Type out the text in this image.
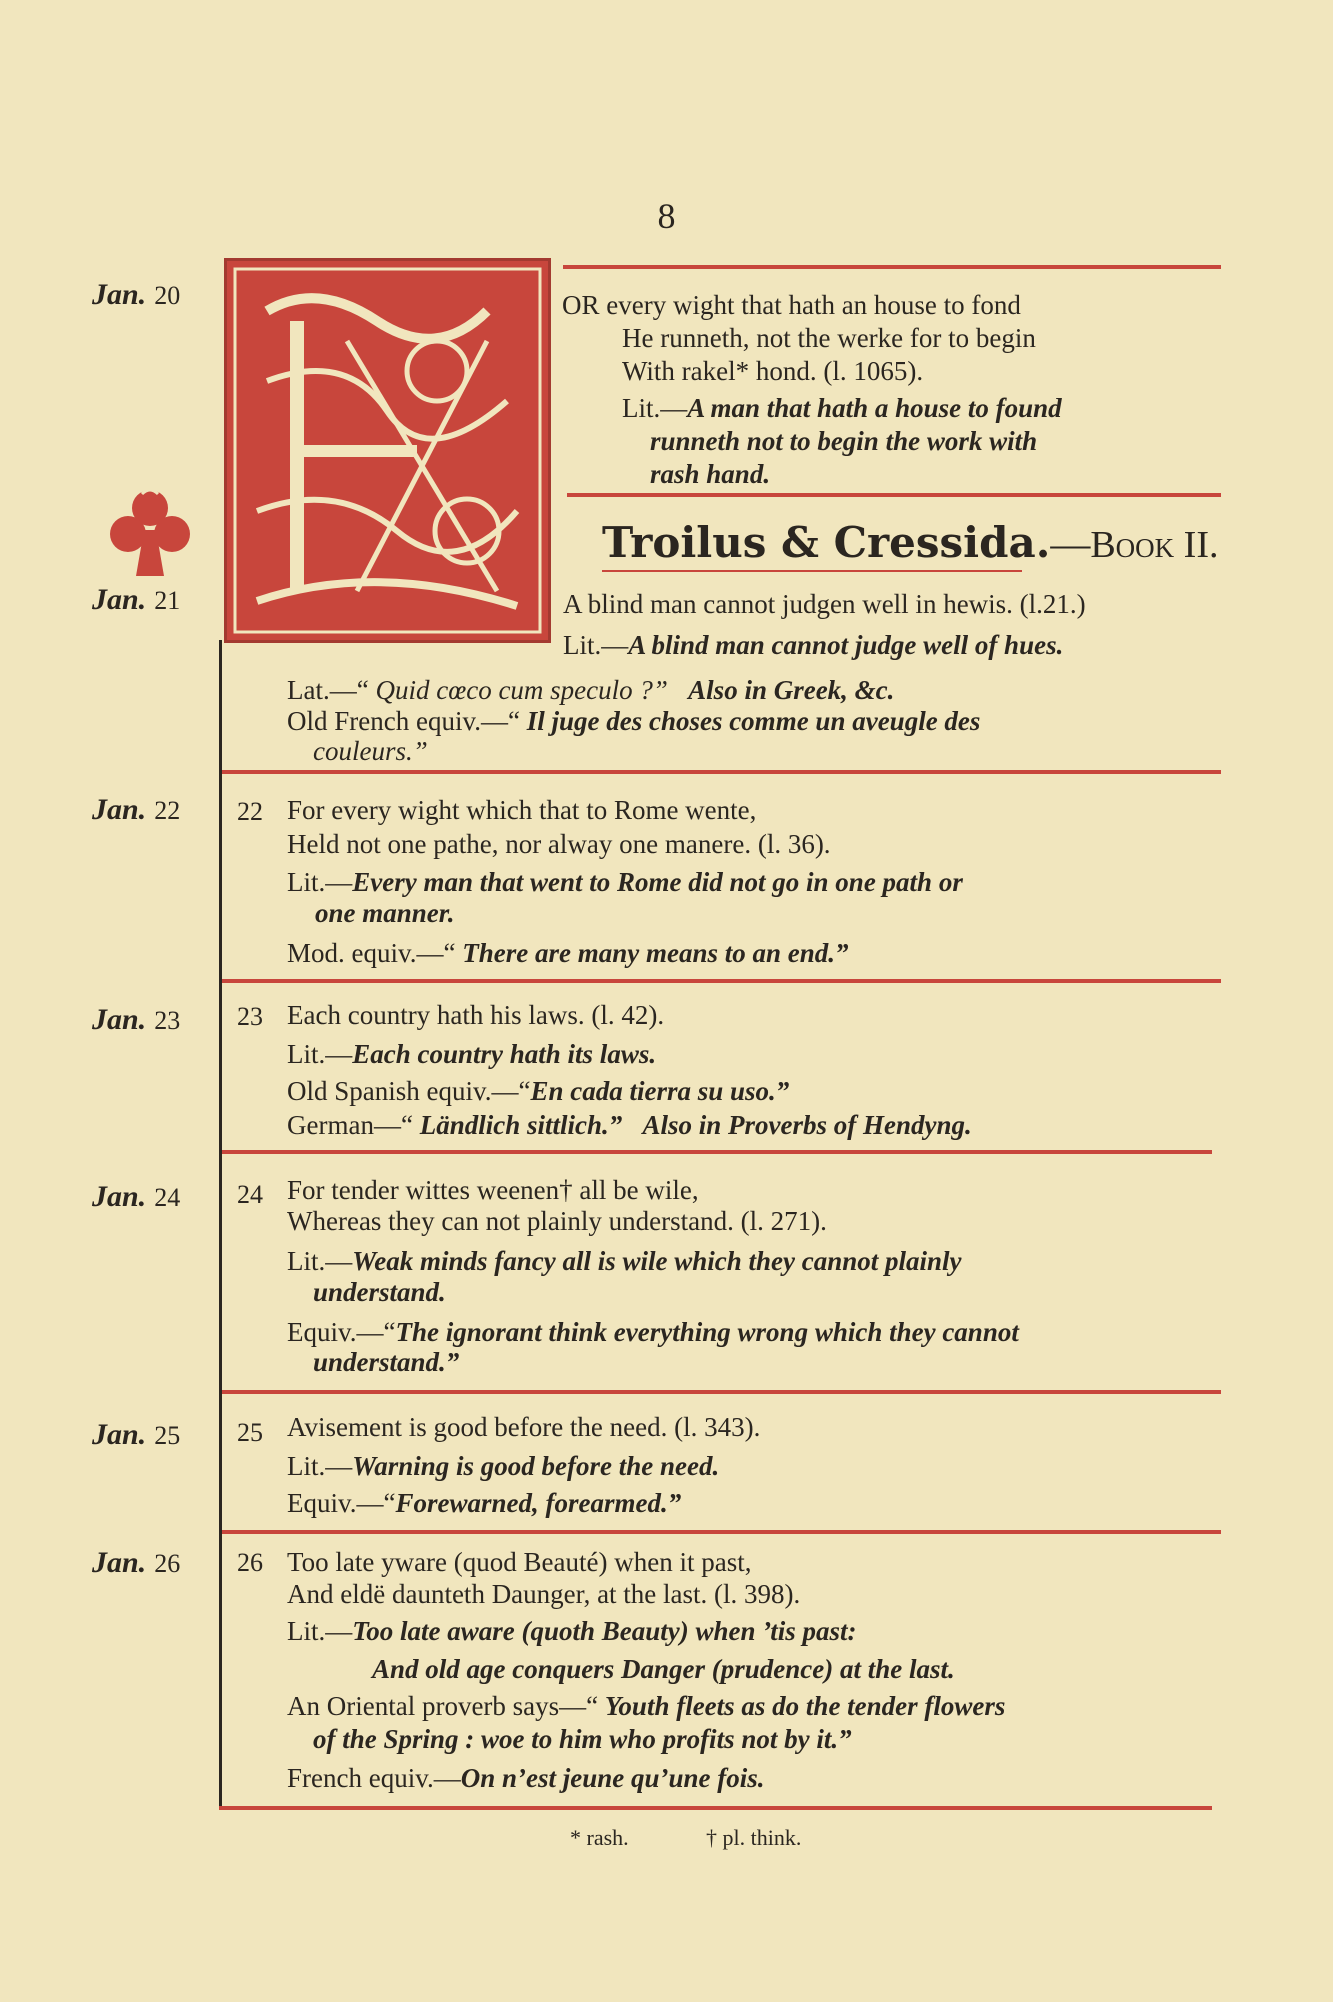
8
Jan. 20
Jan. 21
Jan. 22
Jan. 23
Jan. 24
Jan. 25
Jan. 26
OR every wight that hath an house to fond
He runneth, not the werke for to begin
With rakel* hond. (l. 1065).
Lit.—A man that hath a house to found
runneth not to begin the work with
rash hand.
Troilus & Cressida.—Book II.
A blind man cannot judgen well in hewis. (l.21.)
Lit.—A blind man cannot judge well of hues.
Lat.—“ Quid cœco cum speculo ?” Also in Greek, &c.
Old French equiv.—“ Il juge des choses comme un aveugle des
couleurs.”
22 For every wight which that to Rome wente,
Held not one pathe, nor alway one manere. (l. 36).
Lit.—Every man that went to Rome did not go in one path or
one manner.
Mod. equiv.—“ There are many means to an end.”
23 Each country hath his laws. (l. 42).
Lit.—Each country hath its laws.
Old Spanish equiv.—“En cada tierra su uso.”
German—“ Ländlich sittlich.” Also in Proverbs of Hendyng.
24 For tender wittes weenen† all be wile,
Whereas they can not plainly understand. (l. 271).
Lit.—Weak minds fancy all is wile which they cannot plainly
understand.
Equiv.—“The ignorant think everything wrong which they cannot
understand.”
25 Avisement is good before the need. (l. 343).
Lit.—Warning is good before the need.
Equiv.—“Forewarned, forearmed.”
26 Too late yware (quod Beauté) when it past,
And eldë daunteth Daunger, at the last. (l. 398).
Lit.—Too late aware (quoth Beauty) when ’tis past:
And old age conquers Danger (prudence) at the last.
An Oriental proverb says—“ Youth fleets as do the tender flowers
of the Spring : woe to him who profits not by it.”
French equiv.—On n’est jeune qu’une fois.
* rash.	† pl. think.
